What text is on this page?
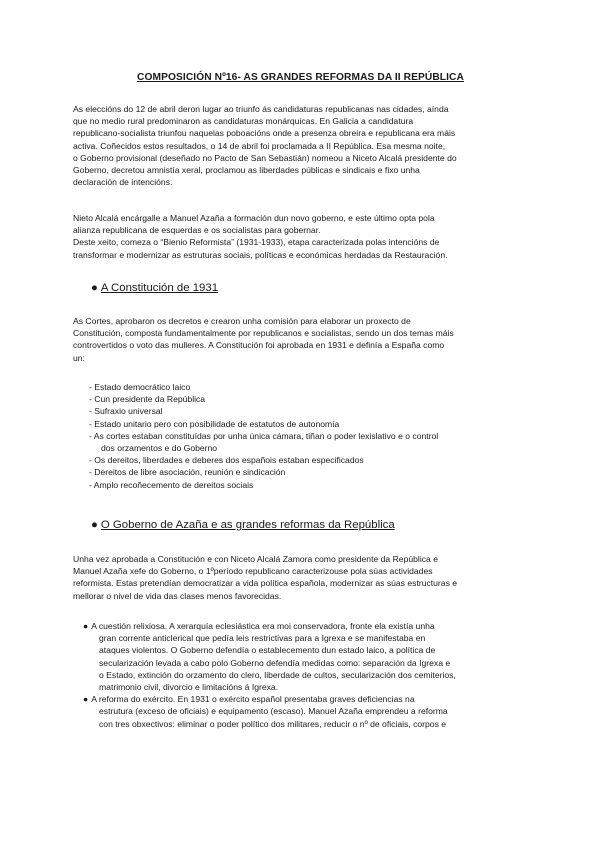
COMPOSICIÓN Nº16- AS GRANDES REFORMAS DA II REPÚBLICA

As eleccións do 12 de abril deron lugar ao triunfo ás candidaturas republicanas nas cidades, aínda
que no medio rural predominaron as candidaturas monárquicas. En Galicia a candidatura
republicano-socialista triunfou naquelas poboacións onde a presenza obreira e republicana era máis
activa. Coñecidos estos resultados, o 14 de abril foi proclamada a II República. Esa mesma noite,
o Goberno provisional (deseñado no Pacto de San Sebastián) nomeou a Niceto Alcalá presidente do
Goberno, decretou amnistía xeral, proclamou as liberdades públicas e sindicais e fixo unha
declaración de intencións.

Nieto Alcalá encárgalle a Manuel Azaña a formación dun novo goberno, e este último opta pola
alianza republicana de esquerdas e os socialistas para gobernar.
Deste xeito, comeza o “Bienio Reformista” (1931-1933), etapa caracterizada polas intencións de
transformar e modernizar as estruturas sociais, políticas e económicas herdadas da Restauración.

● A Constitución de 1931

As Cortes, aprobaron os decretos e crearon unha comisión para elaborar un proxecto de
Constitución, composta fundamentalmente por republicanos e socialistas, sendo un dos temas máis
controvertidos o voto das mulleres. A Constitución foi aprobada en 1931 e definía a España como
un:

- Estado democrático laico
- Cun presidente da República
- Sufraxio universal
- Estado unitario pero con posibilidade de estatutos de autonomía
- As cortes estaban constituídas por unha única cámara, tiñan o poder lexislativo e o control
dos orzamentos e do Goberno
- Os dereitos, liberdades e deberes dos españois estaban especificados
- Dereitos de libre asociación, reunión e sindicación
- Amplo recoñecemento de dereitos sociais
● O Goberno de Azaña e as grandes reformas da República

Unha vez aprobada a Constitución e con Niceto Alcalá Zamora como presidente da República e
Manuel Azaña xefe do Goberno, o 1ºperíodo republicano caracterizouse pola súas actividades
reformista. Estas pretendían democratizar a vida política española, modernizar as súas estructuras e
mellorar o nivel de vida das clases menos favorecidas.

● A cuestión relixiosa. A xerarquía eclesiástica era moi conservadora, fronte ela existía unha
gran corrente anticlerical que pedía leis restrictivas para a Igrexa e se manifestaba en
ataques violentos. O Goberno defendía o establecemento dun estado laico, a política de
secularización levada a cabo polo Goberno defendía medidas como: separación da Igrexa e
o Estado, extinción do orzamento do clero, liberdade de cultos, secularización dos cemiterios,
matrimonio civil, divorcio e limitacións á Igrexa.
● A reforma do exército. En 1931 o exército español presentaba graves deficiencias na
estrutura (exceso de oficiais) e equipamento (escaso). Manuel Azaña emprendeu a reforma
con tres obxectivos: eliminar o poder político dos militares, reducir o nº de oficiais, corpos e
